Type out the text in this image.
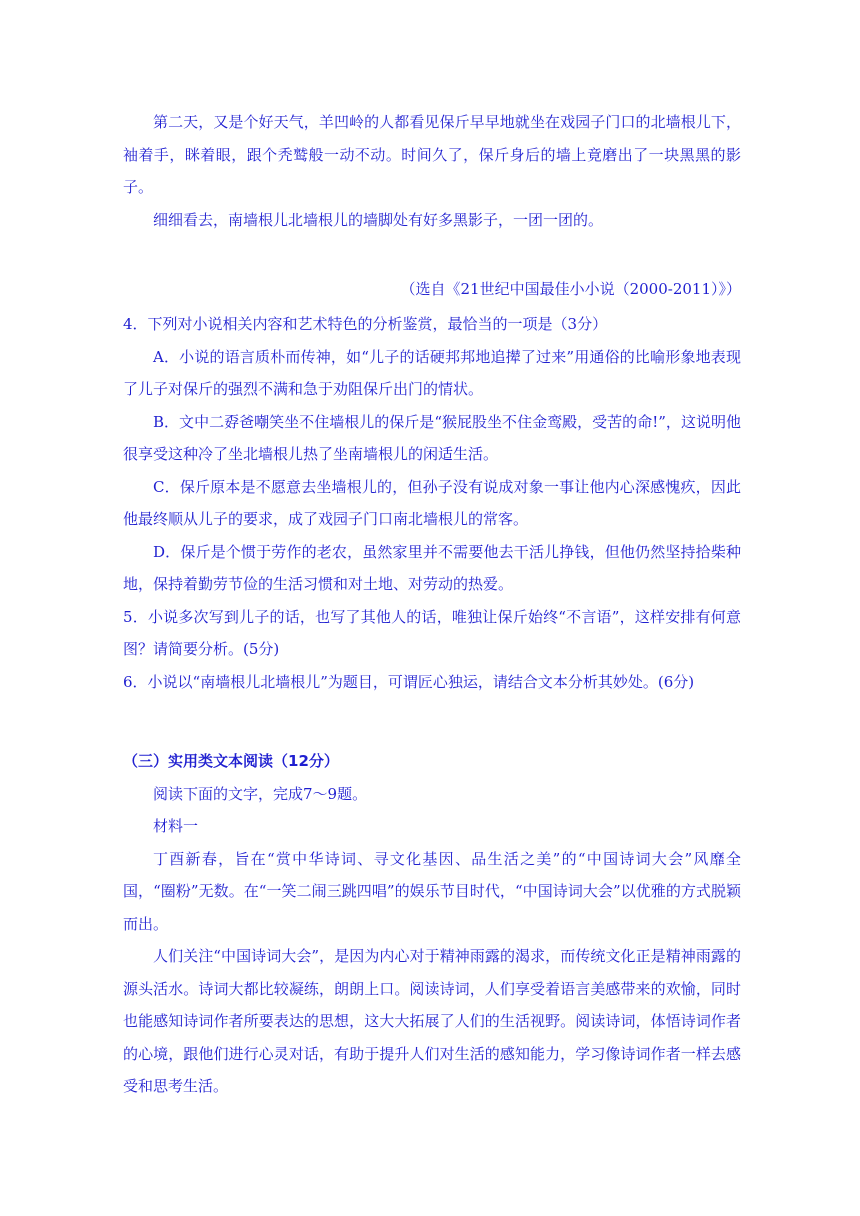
第二天，又是个好天气，羊凹岭的人都看见保斤早早地就坐在戏园子门口的北墙根儿下，袖着手，眯着眼，跟个秃鹫般一动不动。时间久了，保斤身后的墙上竟磨出了一块黑黑的影子。

细细看去，南墙根儿北墙根儿的墙脚处有好多黑影子，一团一团的。

（选自《21世纪中国最佳小小说（2000-2011）》）

4．下列对小说相关内容和艺术特色的分析鉴赏，最恰当的一项是（3分）

A．小说的语言质朴而传神，如“儿子的话硬邦邦地追撵了过来”用通俗的比喻形象地表现了儿子对保斤的强烈不满和急于劝阻保斤出门的情状。

B．文中二孬爸嘲笑坐不住墙根儿的保斤是“猴屁股坐不住金鸾殿，受苦的命!”，这说明他很享受这种冷了坐北墙根儿热了坐南墙根儿的闲适生活。

C．保斤原本是不愿意去坐墙根儿的，但孙子没有说成对象一事让他内心深感愧疚，因此他最终顺从儿子的要求，成了戏园子门口南北墙根儿的常客。

D．保斤是个惯于劳作的老农，虽然家里并不需要他去干活儿挣钱，但他仍然坚持拾柴种地，保持着勤劳节俭的生活习惯和对土地、对劳动的热爱。

5．小说多次写到儿子的话，也写了其他人的话，唯独让保斤始终“不言语”，这样安排有何意图？请简要分析。(5分)

6．小说以“南墙根儿北墙根儿”为题目，可谓匠心独运，请结合文本分析其妙处。(6分)

（三）实用类文本阅读（12分）

阅读下面的文字，完成7～9题。

材料一

丁酉新春，旨在“赏中华诗词、寻文化基因、品生活之美”的“中国诗词大会”风靡全国，“圈粉”无数。在“一笑二闹三跳四唱”的娱乐节目时代，“中国诗词大会”以优雅的方式脱颖而出。

人们关注“中国诗词大会”，是因为内心对于精神雨露的渴求，而传统文化正是精神雨露的源头活水。诗词大都比较凝练，朗朗上口。阅读诗词，人们享受着语言美感带来的欢愉，同时也能感知诗词作者所要表达的思想，这大大拓展了人们的生活视野。阅读诗词，体悟诗词作者的心境，跟他们进行心灵对话，有助于提升人们对生活的感知能力，学习像诗词作者一样去感受和思考生活。
